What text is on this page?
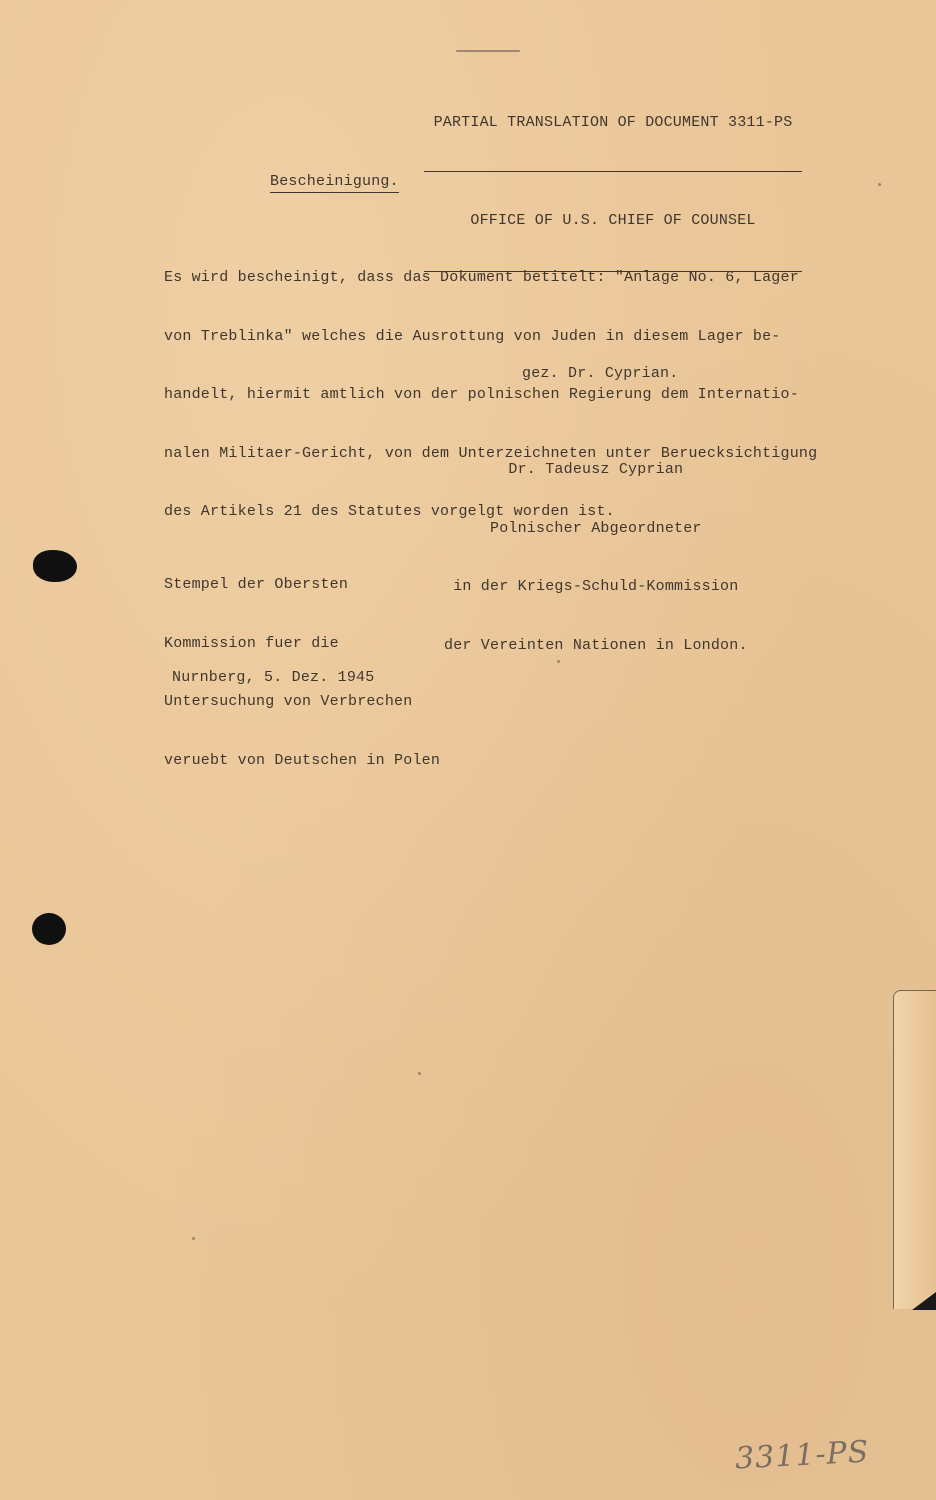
PARTIAL TRANSLATION OF DOCUMENT 3311-PS

OFFICE OF U.S. CHIEF OF COUNSEL

Bescheinigung.

Es wird bescheinigt, dass das Dokument betitelt: "Anlage No. 6, Lager

von Treblinka" welches die Ausrottung von Juden in diesem Lager be-

handelt, hiermit amtlich von der polnischen Regierung dem Internatio-

nalen Militaer-Gericht, von dem Unterzeichneten unter Beruecksichtigung

des Artikels 21 des Statutes vorgelgt worden ist.

gez. Dr. Cyprian.

Dr. Tadeusz Cyprian

Polnischer Abgeordneter

in der Kriegs-Schuld-Kommission

der Vereinten Nationen in London.

Stempel der Obersten

Kommission fuer die

Untersuchung von Verbrechen

veruebt von Deutschen in Polen

Nurnberg, 5. Dez. 1945
3311-PS
